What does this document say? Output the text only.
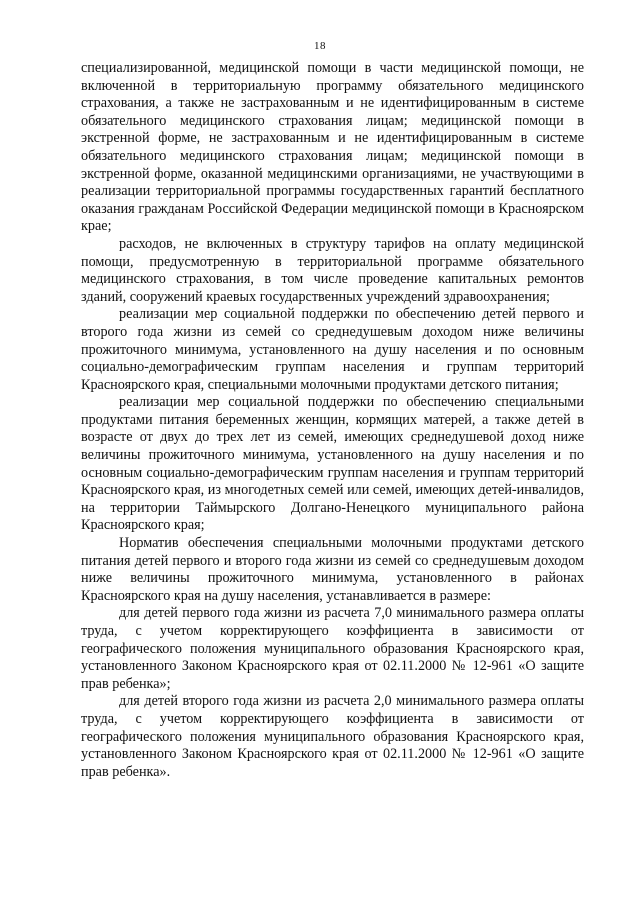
18

специализированной, медицинской помощи в части медицинской помощи, не включенной в территориальную программу обязательного медицинского страхования, а также не застрахованным и не идентифицированным в системе обязательного медицинского страхования лицам; медицинской помощи в экстренной форме, не застрахованным и не идентифицированным в системе обязательного медицинского страхования лицам; медицинской помощи в экстренной форме, оказанной медицинскими организациями, не участвующими в реализации территориальной программы государственных гарантий бесплатного оказания гражданам Российской Федерации медицинской помощи в Красноярском крае;

расходов, не включенных в структуру тарифов на оплату медицинской помощи, предусмотренную в территориальной программе обязательного медицинского страхования, в том числе проведение капитальных ремонтов зданий, сооружений краевых государственных учреждений здравоохранения;

реализации мер социальной поддержки по обеспечению детей первого и второго года жизни из семей со среднедушевым доходом ниже величины прожиточного минимума, установленного на душу населения и по основным социально-демографическим группам населения и группам территорий Красноярского края, специальными молочными продуктами детского питания;

реализации мер социальной поддержки по обеспечению специальными продуктами питания беременных женщин, кормящих матерей, а также детей в возрасте от двух до трех лет из семей, имеющих среднедушевой доход ниже величины прожиточного минимума, установленного на душу населения и по основным социально-демографическим группам населения и группам территорий Красноярского края, из многодетных семей или семей, имеющих детей-инвалидов, на территории Таймырского Долгано-Ненецкого муниципального района Красноярского края;

Норматив обеспечения специальными молочными продуктами детского питания детей первого и второго года жизни из семей со среднедушевым доходом ниже величины прожиточного минимума, установленного в районах Красноярского края на душу населения, устанавливается в размере:

для детей первого года жизни из расчета 7,0 минимального размера оплаты труда, с учетом корректирующего коэффициента в зависимости от географического положения муниципального образования Красноярского края, установленного Законом Красноярского края от 02.11.2000 № 12-961 «О защите прав ребенка»;

для детей второго года жизни из расчета 2,0 минимального размера оплаты труда, с учетом корректирующего коэффициента в зависимости от географического положения муниципального образования Красноярского края, установленного Законом Красноярского края от 02.11.2000 № 12-961 «О защите прав ребенка».
